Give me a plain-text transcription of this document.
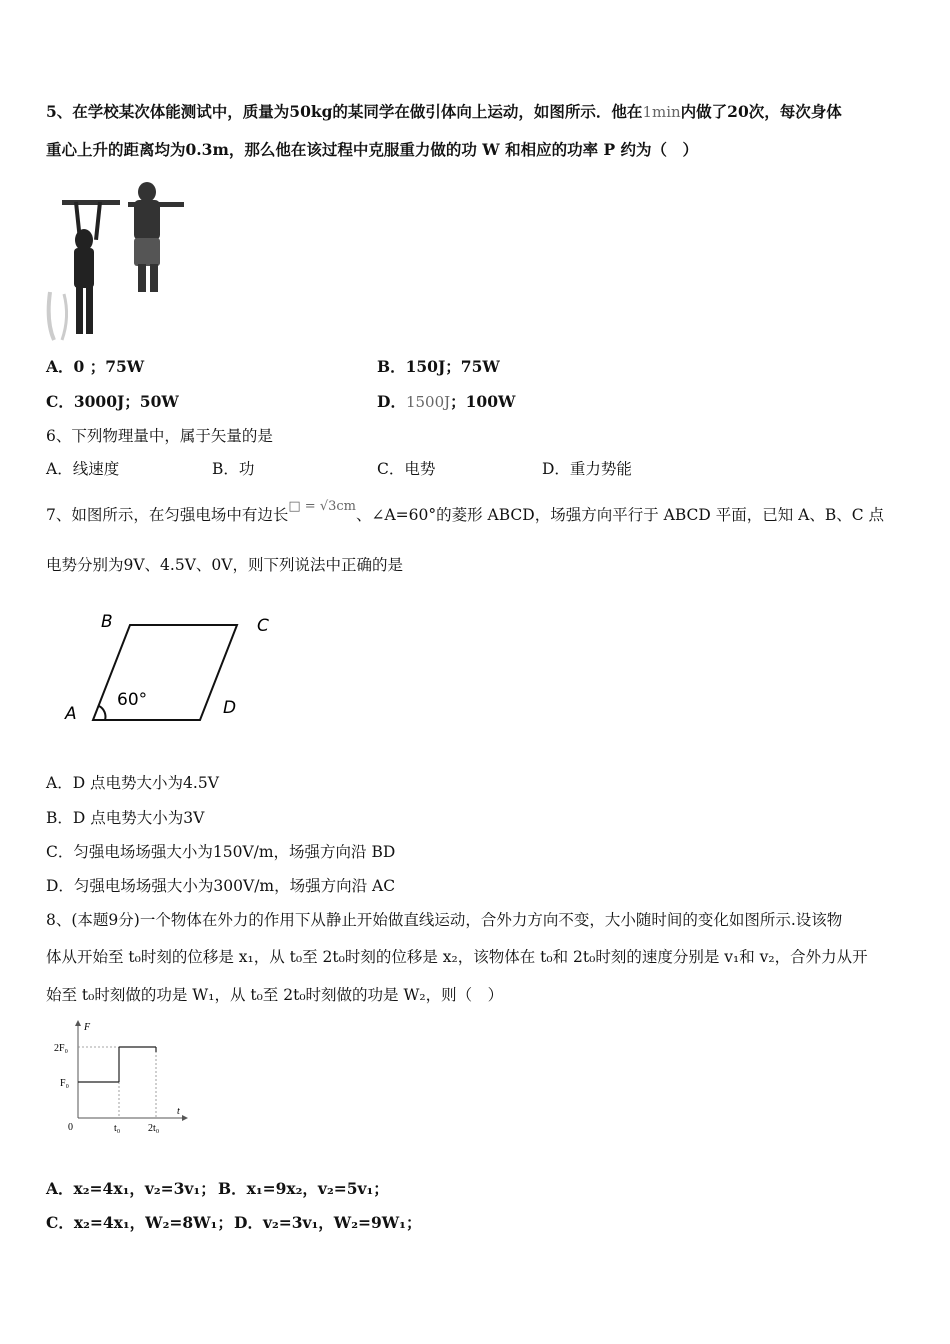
5、在学校某次体能测试中，质量为50kg的某同学在做引体向上运动，如图所示．他在1min内做了20次，每次身体
重心上升的距离均为0.3m，那么他在该过程中克服重力做的功 W 和相应的功率 P 约为（　）
A．0 ；75W	B．150J；75W
C．3000J；50W	D．1500J；100W
6、下列物理量中，属于矢量的是
A．线速度	B．功	C．电势	D．重力势能
7、如图所示，在匀强电场中有边长$^{□ = √3cm}$、∠A=60°的菱形 ABCD，场强方向平行于 ABCD 平面，已知 A、B、C 点
电势分别为9V、4.5V、0V，则下列说法中正确的是
B	C
A	D
60°
A．D 点电势大小为4.5V
B．D 点电势大小为3V
C．匀强电场场强大小为150V/m，场强方向沿 BD
D．匀强电场场强大小为300V/m，场强方向沿 AC
8、(本题9分)一个物体在外力的作用下从静止开始做直线运动，合外力方向不变，大小随时间的变化如图所示.设该物
体从开始至 t₀时刻的位移是 x₁，从 t₀至 2t₀时刻的位移是 x₂，该物体在 t₀和 2t₀时刻的速度分别是 v₁和 v₂，合外力从开
始至 t₀时刻做的功是 W₁，从 t₀至 2t₀时刻做的功是 W₂，则（　）
F
t
2F₀
F₀
0	t₀	2t₀
A．x₂=4x₁，v₂=3v₁； B．x₁=9x₂，v₂=5v₁；
C．x₂=4x₁，W₂=8W₁； D．v₂=3v₁，W₂=9W₁；
